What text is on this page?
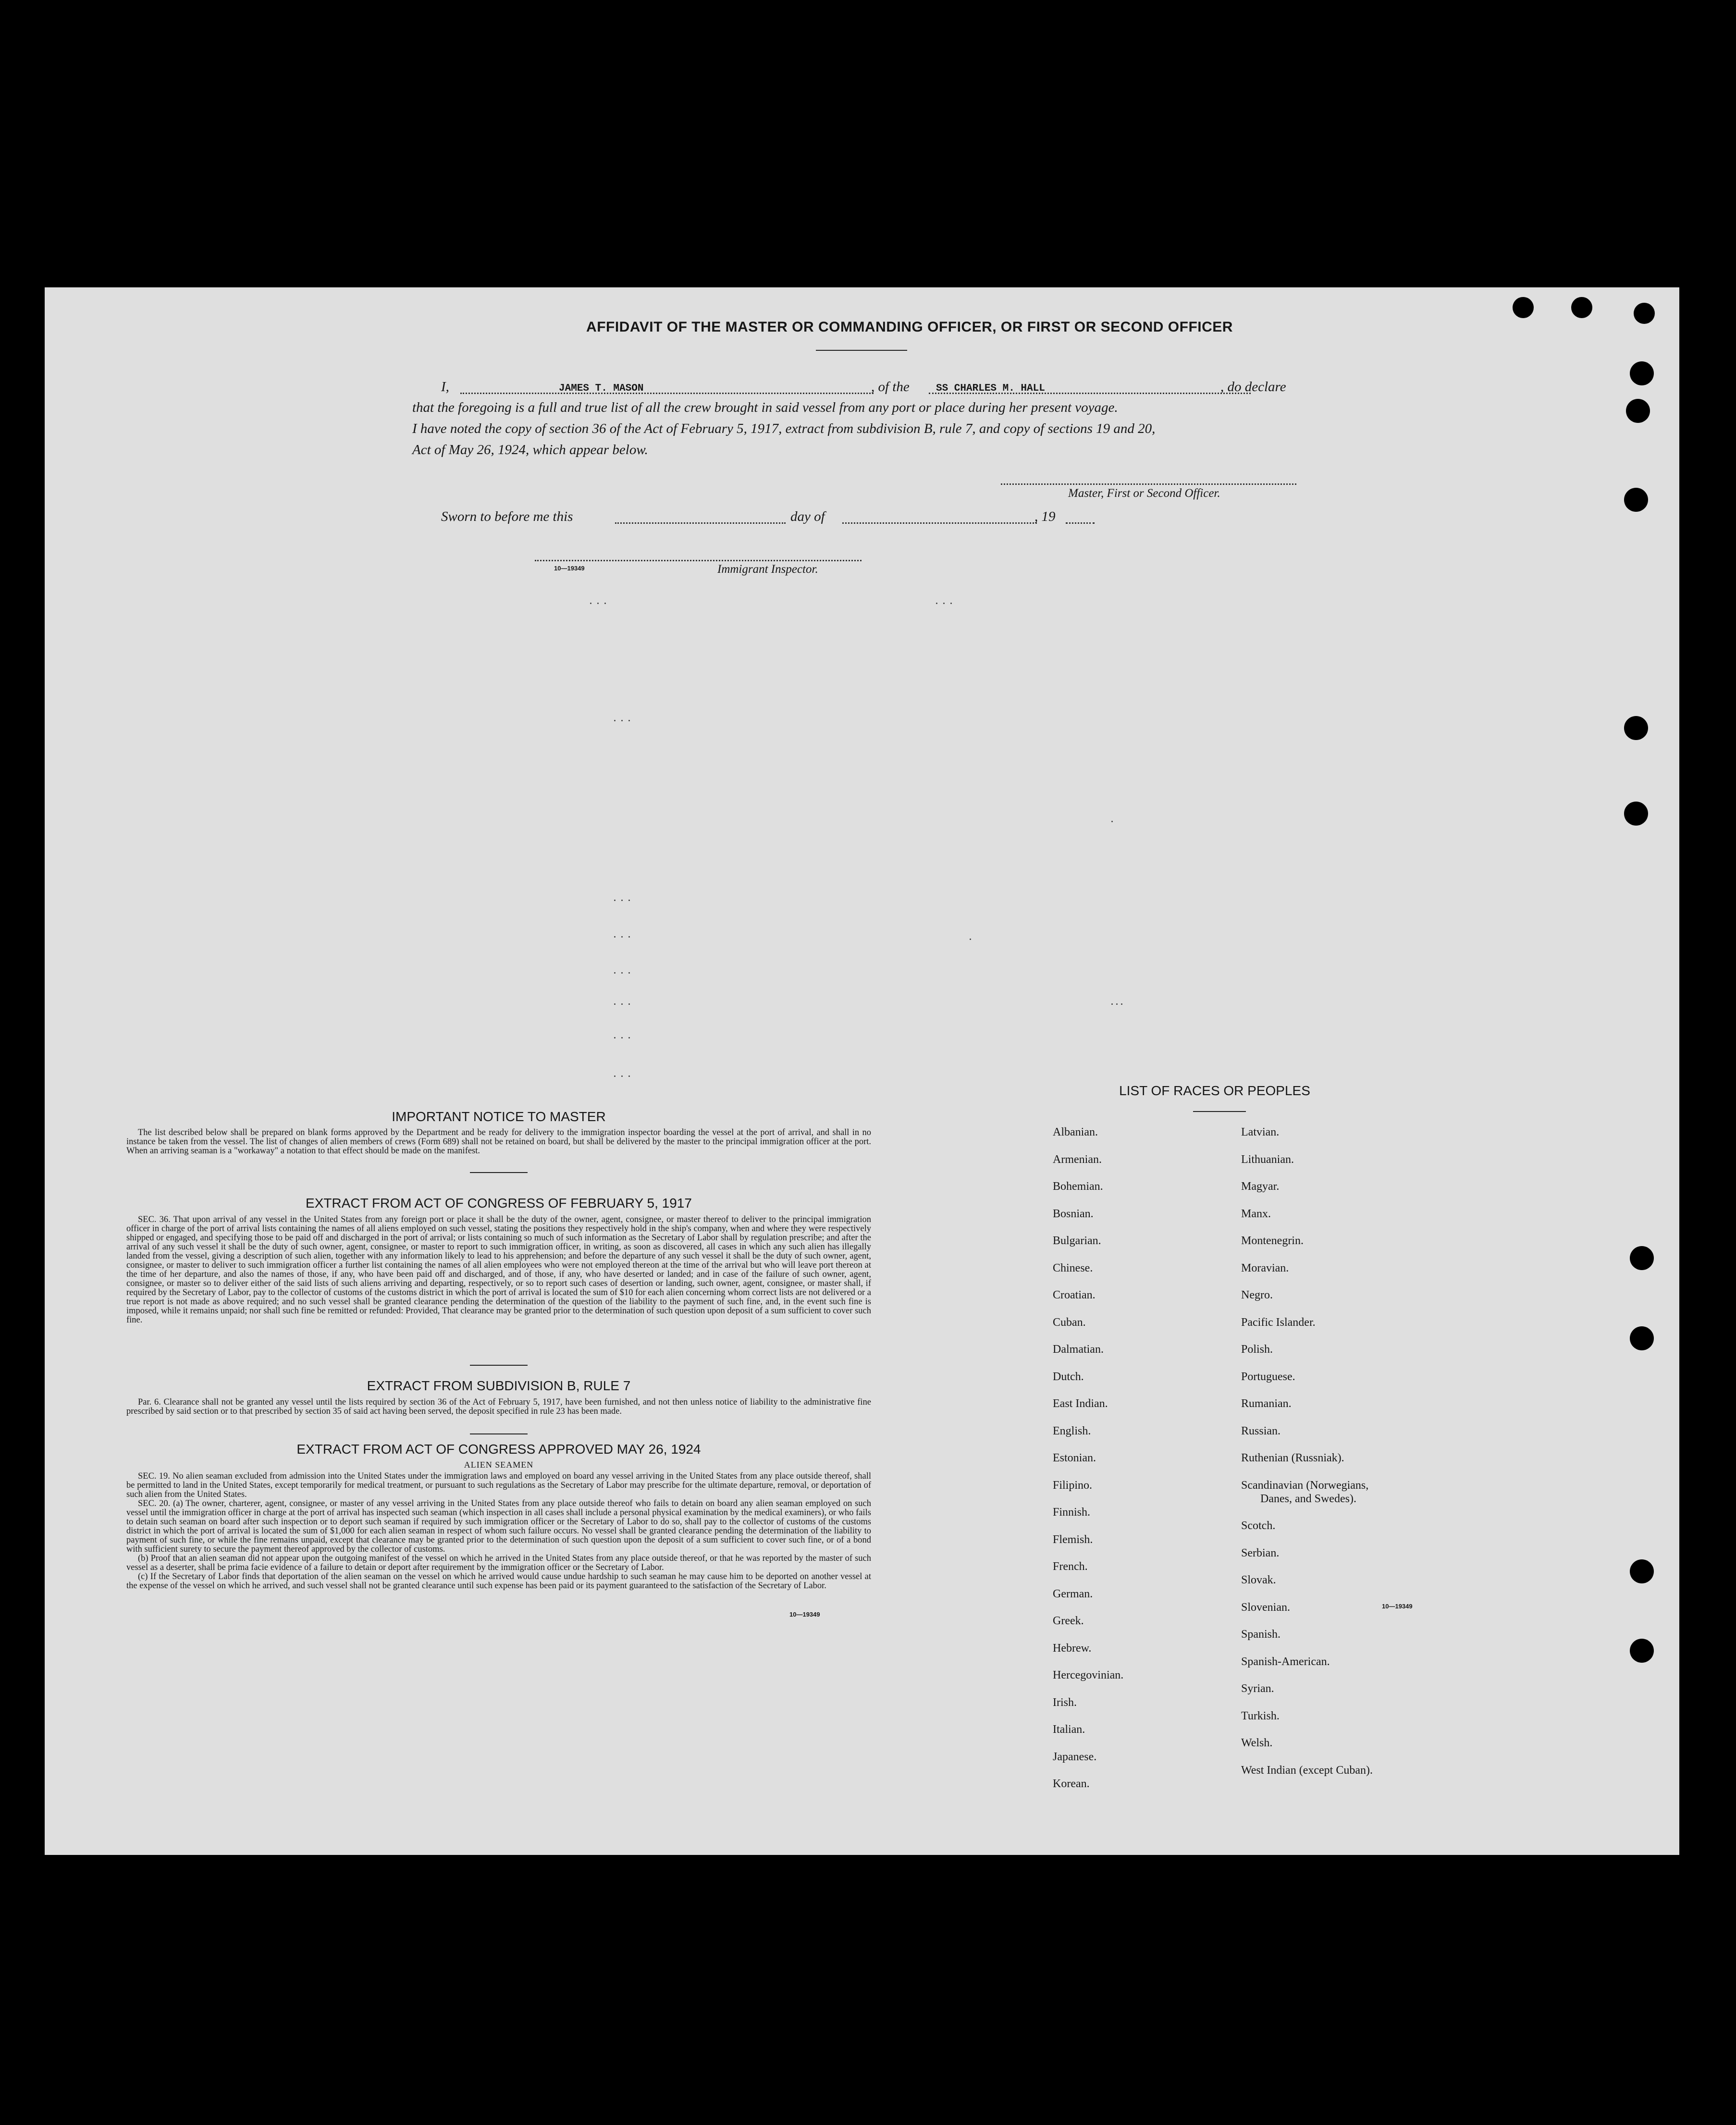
AFFIDAVIT OF THE MASTER OR COMMANDING OFFICER, OR FIRST OR SECOND OFFICER
I,	JAMES T. MASON	, of the	SS CHARLES M. HALL	, do declare
that the foregoing is a full and true list of all the crew brought in said vessel from any port or place during her present voyage.
I have noted the copy of section 36 of the Act of February 5, 1917, extract from subdivision B, rule 7, and copy of sections 19 and 20,
Act of May 26, 1924, which appear below.
Master, First or Second Officer.
Sworn to before me this	day of	, 19
10—19349	Immigrant Inspector.
IMPORTANT NOTICE TO MASTER

The list described below shall be prepared on blank forms approved by the Department and be ready for delivery to the immigration inspector boarding the vessel at the port of arrival, and shall in no instance be taken from the vessel. The list of changes of alien members of crews (Form 689) shall not be retained on board, but shall be delivered by the master to the principal immigration officer at the port. When an arriving seaman is a "workaway" a notation to that effect should be made on the manifest.

EXTRACT FROM ACT OF CONGRESS OF FEBRUARY 5, 1917

SEC. 36. That upon arrival of any vessel in the United States from any foreign port or place it shall be the duty of the owner, agent, consignee, or master thereof to deliver to the principal immigration officer in charge of the port of arrival lists containing the names of all aliens employed on such vessel, stating the positions they respectively hold in the ship's company, when and where they were respectively shipped or engaged, and specifying those to be paid off and discharged in the port of arrival; or lists containing so much of such information as the Secretary of Labor shall by regulation prescribe; and after the arrival of any such vessel it shall be the duty of such owner, agent, consignee, or master to report to such immigration officer, in writing, as soon as discovered, all cases in which any such alien has illegally landed from the vessel, giving a description of such alien, together with any information likely to lead to his apprehension; and before the departure of any such vessel it shall be the duty of such owner, agent, consignee, or master to deliver to such immigration officer a further list containing the names of all alien employees who were not employed thereon at the time of the arrival but who will leave port thereon at the time of her departure, and also the names of those, if any, who have been paid off and discharged, and of those, if any, who have deserted or landed; and in case of the failure of such owner, agent, consignee, or master so to deliver either of the said lists of such aliens arriving and departing, respectively, or so to report such cases of desertion or landing, such owner, agent, consignee, or master shall, if required by the Secretary of Labor, pay to the collector of customs of the customs district in which the port of arrival is located the sum of $10 for each alien concerning whom correct lists are not delivered or a true report is not made as above required; and no such vessel shall be granted clearance pending the determination of the question of the liability to the payment of such fine, and, in the event such fine is imposed, while it remains unpaid; nor shall such fine be remitted or refunded: Provided, That clearance may be granted prior to the determination of such question upon deposit of a sum sufficient to cover such fine.

EXTRACT FROM SUBDIVISION B, RULE 7

Par. 6. Clearance shall not be granted any vessel until the lists required by section 36 of the Act of February 5, 1917, have been furnished, and not then unless notice of liability to the administrative fine prescribed by said section or to that prescribed by section 35 of said act having been served, the deposit specified in rule 23 has been made.

EXTRACT FROM ACT OF CONGRESS APPROVED MAY 26, 1924
ALIEN SEAMEN

SEC. 19. No alien seaman excluded from admission into the United States under the immigration laws and employed on board any vessel arriving in the United States from any place outside thereof, shall be permitted to land in the United States, except temporarily for medical treatment, or pursuant to such regulations as the Secretary of Labor may prescribe for the ultimate departure, removal, or deportation of such alien from the United States.

SEC. 20. (a) The owner, charterer, agent, consignee, or master of any vessel arriving in the United States from any place outside thereof who fails to detain on board any alien seaman employed on such vessel until the immigration officer in charge at the port of arrival has inspected such seaman (which inspection in all cases shall include a personal physical examination by the medical examiners), or who fails to detain such seaman on board after such inspection or to deport such seaman if required by such immigration officer or the Secretary of Labor to do so, shall pay to the collector of customs of the customs district in which the port of arrival is located the sum of $1,000 for each alien seaman in respect of whom such failure occurs. No vessel shall be granted clearance pending the determination of the liability to payment of such fine, or while the fine remains unpaid, except that clearance may be granted prior to the determination of such question upon the deposit of a sum sufficient to cover such fine, or of a bond with sufficient surety to secure the payment thereof approved by the collector of customs.

(b) Proof that an alien seaman did not appear upon the outgoing manifest of the vessel on which he arrived in the United States from any place outside thereof, or that he was reported by the master of such vessel as a deserter, shall be prima facie evidence of a failure to detain or deport after requirement by the immigration officer or the Secretary of Labor.

(c) If the Secretary of Labor finds that deportation of the alien seaman on the vessel on which he arrived would cause undue hardship to such seaman he may cause him to be deported on another vessel at the expense of the vessel on which he arrived, and such vessel shall not be granted clearance until such expense has been paid or its payment guaranteed to the satisfaction of the Secretary of Labor.

10—19349
LIST OF RACES OR PEOPLES
Albanian.
Armenian.
Bohemian.
Bosnian.
Bulgarian.
Chinese.
Croatian.
Cuban.
Dalmatian.
Dutch.
East Indian.
English.
Estonian.
Filipino.
Finnish.
Flemish.
French.
German.
Greek.
Hebrew.
Hercegovinian.
Irish.
Italian.
Japanese.
Korean.
Latvian.
Lithuanian.
Magyar.
Manx.
Montenegrin.
Moravian.
Negro.
Pacific Islander.
Polish.
Portuguese.
Rumanian.
Russian.
Ruthenian (Russniak).
Scandinavian (Norwegians,
Danes, and Swedes).
Scotch.
Serbian.
Slovak.
Slovenian.
Spanish.
Spanish-American.
Syrian.
Turkish.
Welsh.
West Indian (except Cuban).
10—19349
